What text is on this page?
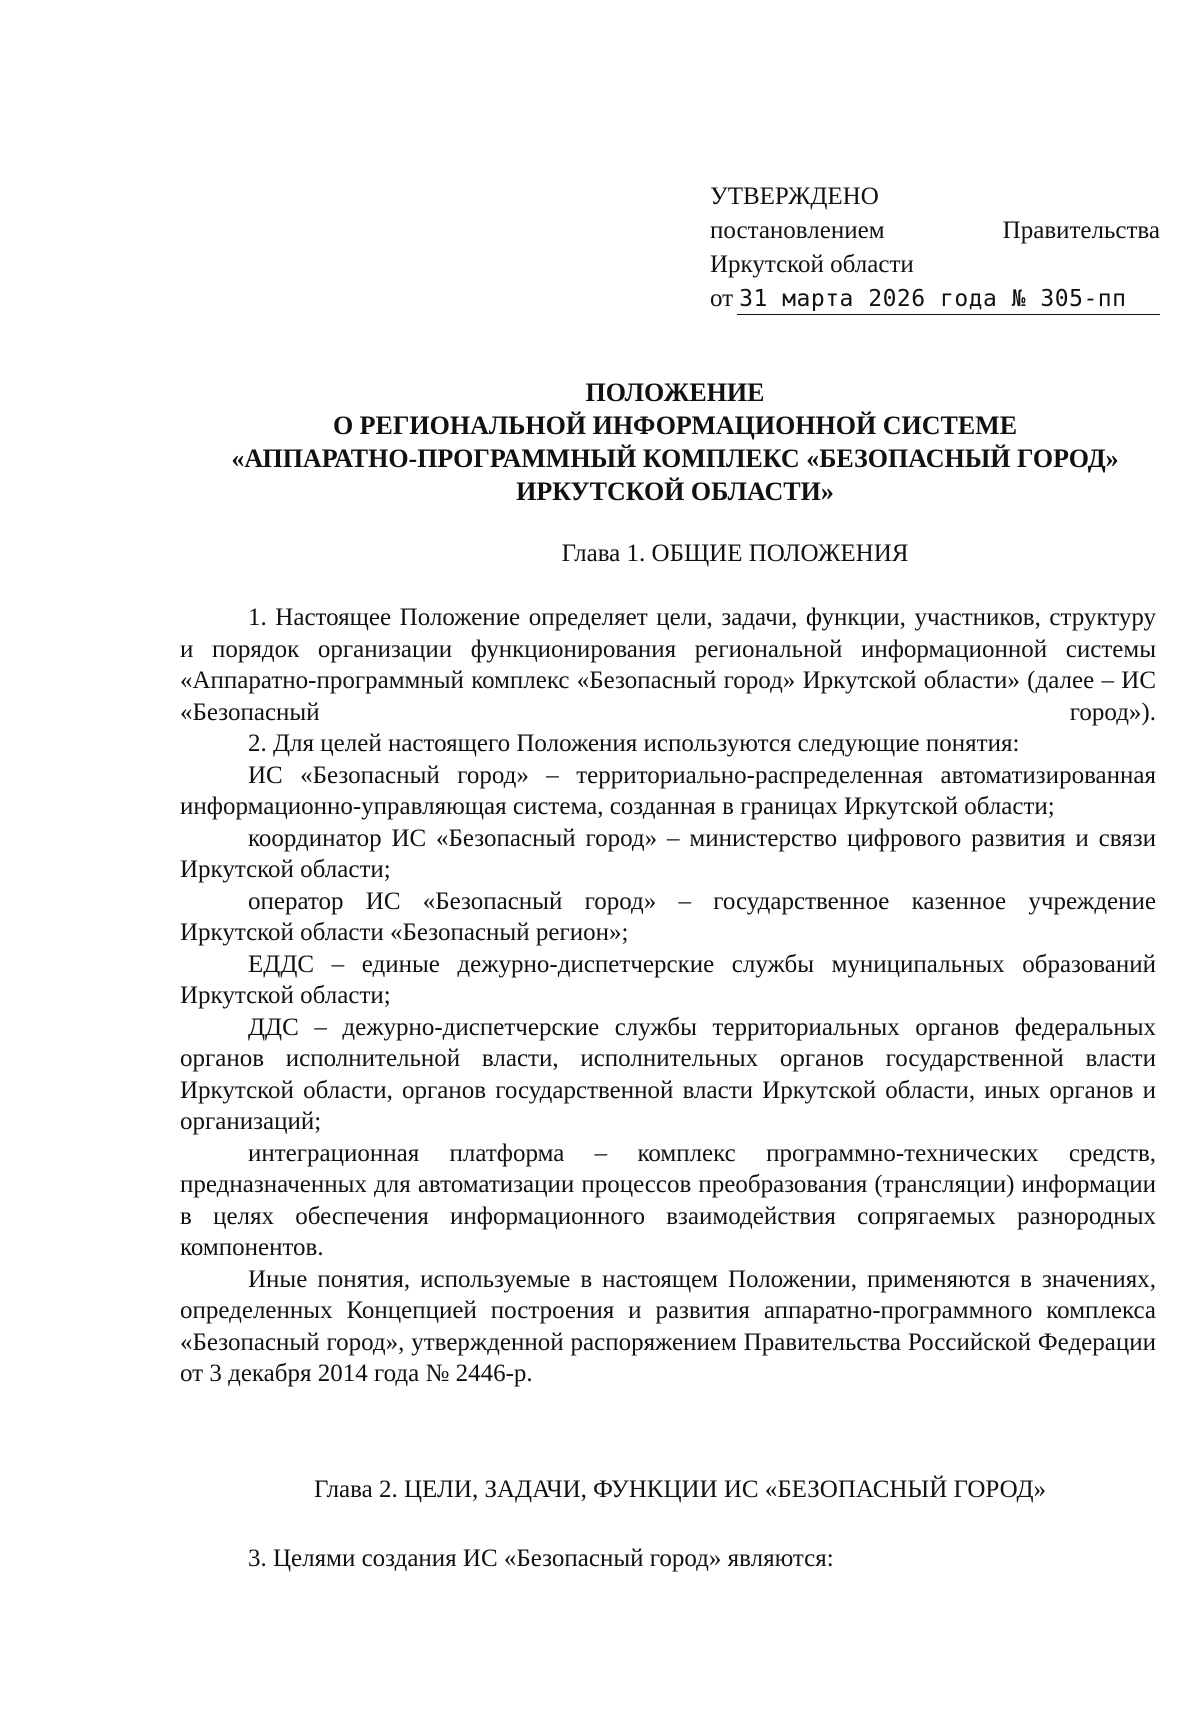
УТВЕРЖДЕНО
постановлением	Правительства
Иркутской области
от 31 марта 2026 года № 305-пп
ПОЛОЖЕНИЕ
О РЕГИОНАЛЬНОЙ ИНФОРМАЦИОННОЙ СИСТЕМЕ
«АППАРАТНО-ПРОГРАММНЫЙ КОМПЛЕКС «БЕЗОПАСНЫЙ ГОРОД»
ИРКУТСКОЙ ОБЛАСТИ»
Глава 1. ОБЩИЕ ПОЛОЖЕНИЯ

1. Настоящее Положение определяет цели, задачи, функции, участников, структуру и порядок организации функционирования региональной информационной системы «Аппаратно-программный комплекс «Безопасный город» Иркутской области» (далее – ИС «Безопасный город»).

2. Для целей настоящего Положения используются следующие понятия:

ИС «Безопасный город» – территориально-распределенная автоматизированная информационно-управляющая система, созданная в границах Иркутской области;

координатор ИС «Безопасный город» – министерство цифрового развития и связи Иркутской области;

оператор ИС «Безопасный город» – государственное казенное учреждение Иркутской области «Безопасный регион»;

ЕДДС – единые дежурно-диспетчерские службы муниципальных образований Иркутской области;

ДДС – дежурно-диспетчерские службы территориальных органов федеральных органов исполнительной власти, исполнительных органов государственной власти Иркутской области, органов государственной власти Иркутской области, иных органов и организаций;

интеграционная платформа – комплекс программно-технических средств, предназначенных для автоматизации процессов преобразования (трансляции) информации в целях обеспечения информационного взаимодействия сопрягаемых разнородных компонентов.

Иные понятия, используемые в настоящем Положении, применяются в значениях, определенных Концепцией построения и развития аппаратно-программного комплекса «Безопасный город», утвержденной распоряжением Правительства Российской Федерации от 3 декабря 2014 года № 2446-р.

Глава 2. ЦЕЛИ, ЗАДАЧИ, ФУНКЦИИ ИС «БЕЗОПАСНЫЙ ГОРОД»
3. Целями создания ИС «Безопасный город» являются:
